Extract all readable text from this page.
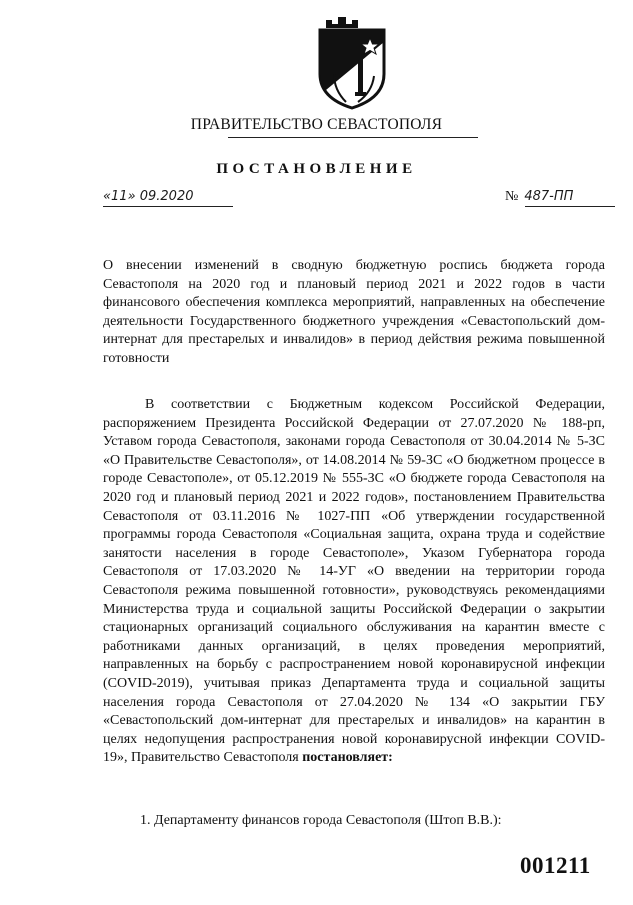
ПРАВИТЕЛЬСТВО СЕВАСТОПОЛЯ
ПОСТАНОВЛЕНИЕ
«11» 09.2020	№ 487-ПП
О внесении изменений в сводную бюджетную роспись бюджета города Севастополя на 2020 год и плановый период 2021 и 2022 годов в части финансового обеспечения комплекса мероприятий, направленных на обеспечение деятельности Государственного бюджетного учреждения «Севастопольский дом-интернат для престарелых и инвалидов» в период действия режима повышенной готовности
В соответствии с Бюджетным кодексом Российской Федерации, распоряжением Президента Российской Федерации от 27.07.2020 № 188-рп, Уставом города Севастополя, законами города Севастополя от 30.04.2014 № 5-ЗС «О Правительстве Севастополя», от 14.08.2014 № 59-ЗС «О бюджетном процессе в городе Севастополе», от 05.12.2019 № 555-ЗС «О бюджете города Севастополя на 2020 год и плановый период 2021 и 2022 годов», постановлением Правительства Севастополя от 03.11.2016 № 1027-ПП «Об утверждении государственной программы города Севастополя «Социальная защита, охрана труда и содействие занятости населения в городе Севастополе», Указом Губернатора города Севастополя от 17.03.2020 № 14-УГ «О введении на территории города Севастополя режима повышенной готовности», руководствуясь рекомендациями Министерства труда и социальной защиты Российской Федерации о закрытии стационарных организаций социального обслуживания на карантин вместе с работниками данных организаций, в целях проведения мероприятий, направленных на борьбу с распространением новой коронавирусной инфекции (COVID-2019), учитывая приказ Департамента труда и социальной защиты населения города Севастополя от 27.04.2020 № 134 «О закрытии ГБУ «Севастопольский дом-интернат для престарелых и инвалидов» на карантин в целях недопущения распространения новой коронавирусной инфекции COVID-19», Правительство Севастополя постановляет:
1. Департаменту финансов города Севастополя (Штоп В.В.):
001211
